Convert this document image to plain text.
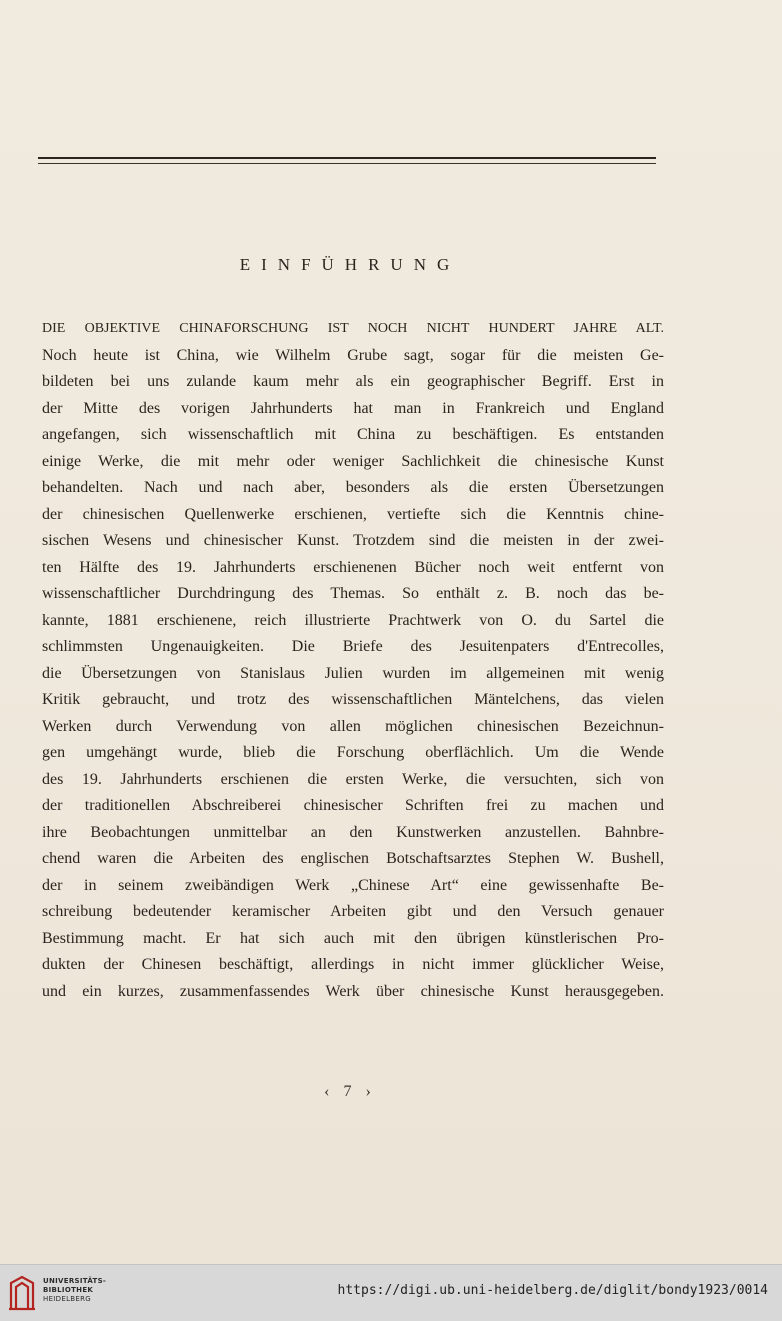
EINFÜHRUNG
DIE OBJEKTIVE CHINAFORSCHUNG IST NOCH NICHT HUNDERT JAHRE ALT.
Noch heute ist China, wie Wilhelm Grube sagt, sogar für die meisten Ge-
bildeten bei uns zulande kaum mehr als ein geographischer Begriff. Erst in
der Mitte des vorigen Jahrhunderts hat man in Frankreich und England
angefangen, sich wissenschaftlich mit China zu beschäftigen. Es entstanden
einige Werke, die mit mehr oder weniger Sachlichkeit die chinesische Kunst
behandelten. Nach und nach aber, besonders als die ersten Übersetzungen
der chinesischen Quellenwerke erschienen, vertiefte sich die Kenntnis chine-
sischen Wesens und chinesischer Kunst. Trotzdem sind die meisten in der zwei-
ten Hälfte des 19. Jahrhunderts erschienenen Bücher noch weit entfernt von
wissenschaftlicher Durchdringung des Themas. So enthält z. B. noch das be-
kannte, 1881 erschienene, reich illustrierte Prachtwerk von O. du Sartel die
schlimmsten Ungenauigkeiten. Die Briefe des Jesuitenpaters d'Entrecolles,
die Übersetzungen von Stanislaus Julien wurden im allgemeinen mit wenig
Kritik gebraucht, und trotz des wissenschaftlichen Mäntelchens, das vielen
Werken durch Verwendung von allen möglichen chinesischen Bezeichnun-
gen umgehängt wurde, blieb die Forschung oberflächlich. Um die Wende
des 19. Jahrhunderts erschienen die ersten Werke, die versuchten, sich von
der traditionellen Abschreiberei chinesischer Schriften frei zu machen und
ihre Beobachtungen unmittelbar an den Kunstwerken anzustellen. Bahnbre-
chend waren die Arbeiten des englischen Botschaftsarztes Stephen W. Bushell,
der in seinem zweibändigen Werk „Chinese Art“ eine gewissenhafte Be-
schreibung bedeutender keramischer Arbeiten gibt und den Versuch genauer
Bestimmung macht. Er hat sich auch mit den übrigen künstlerischen Pro-
dukten der Chinesen beschäftigt, allerdings in nicht immer glücklicher Weise,
und ein kurzes, zusammenfassendes Werk über chinesische Kunst herausgegeben.
‹ 7 ›
UNIVERSITÄTS-
BIBLIOTHEK
HEIDELBERG
https://digi.ub.uni-heidelberg.de/diglit/bondy1923/0014
